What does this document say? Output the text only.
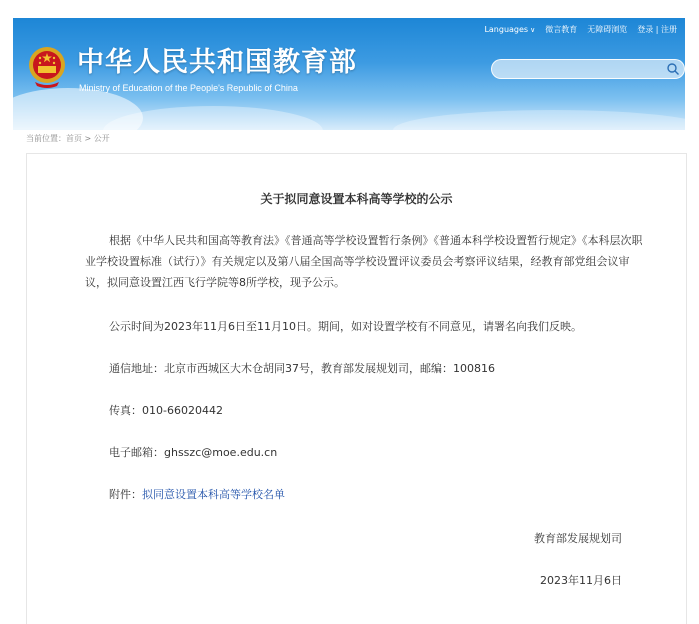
中华人民共和国教育部
Ministry of Education of the People's Republic of China
Languages ∨ 微言教育 无障碍浏览 登录 | 注册
当前位置：首页 > 公开
关于拟同意设置本科高等学校的公示
根据《中华人民共和国高等教育法》《普通高等学校设置暂行条例》《普通本科学校设置暂行规定》《本科层次职业学校设置标准（试行）》有关规定以及第八届全国高等学校设置评议委员会考察评议结果，经教育部党组会议审议，拟同意设置江西飞行学院等8所学校，现予公示。
公示时间为2023年11月6日至11月10日。期间，如对设置学校有不同意见，请署名向我们反映。
通信地址：北京市西城区大木仓胡同37号，教育部发展规划司，邮编：100816
传真：010-66020442
电子邮箱：ghsszc@moe.edu.cn
附件：拟同意设置本科高等学校名单
教育部发展规划司
2023年11月6日
